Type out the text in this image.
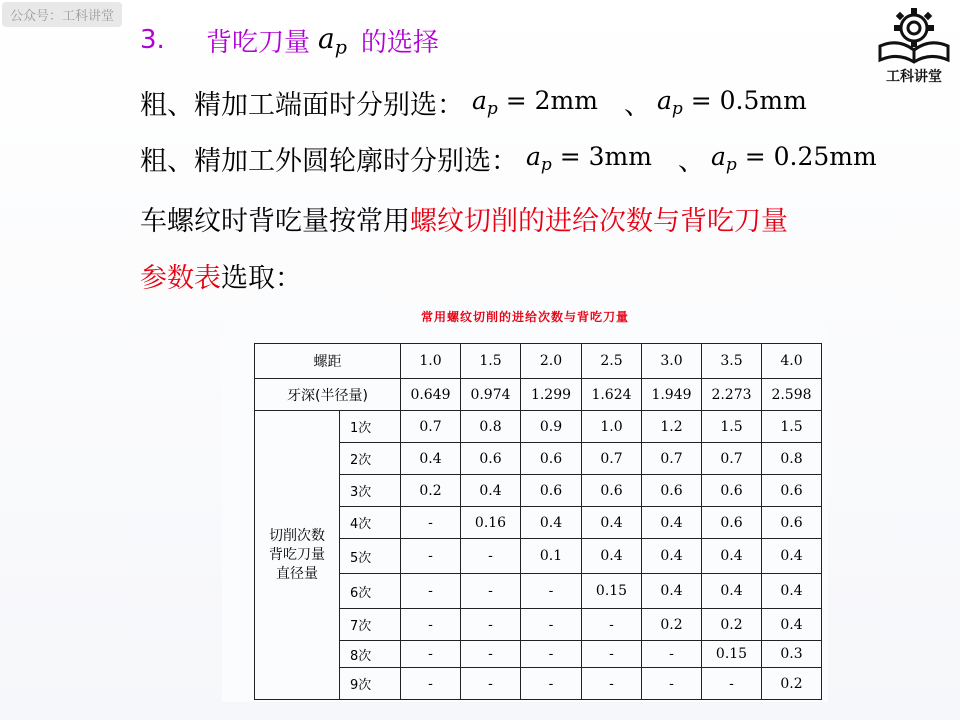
公众号：工科讲堂
工科讲堂
3.	背吃刀量 $a_p$ 的选择
粗、精加工端面时分别选： $a_p = 2mm$ 、 $a_p = 0.5mm$
粗、精加工外圆轮廓时分别选： $a_p = 3mm$ 、 $a_p = 0.25mm$
车螺纹时背吃量按常用 螺纹切削的进给次数与背吃刀量
参数表 选取：
常用螺纹切削的进给次数与背吃刀量
螺距		1.0	1.5	2.0	2.5	3.0	3.5	4.0
牙深(半径量)		0.649	0.974	1.299	1.624	1.949	2.273	2.598
切削次数背吃刀量直径量	1次	0.7	0.8	0.9	1.0	1.2	1.5	1.5
	2次	0.4	0.6	0.6	0.7	0.7	0.7	0.8
	3次	0.2	0.4	0.6	0.6	0.6	0.6	0.6
	4次	-	0.16	0.4	0.4	0.4	0.6	0.6
	5次	-	-	0.1	0.4	0.4	0.4	0.4
	6次	-	-	-	0.15	0.4	0.4	0.4
	7次	-	-	-	-	0.2	0.2	0.4
	8次	-	-	-	-	-	0.15	0.3
	9次	-	-	-	-	-	-	0.2
